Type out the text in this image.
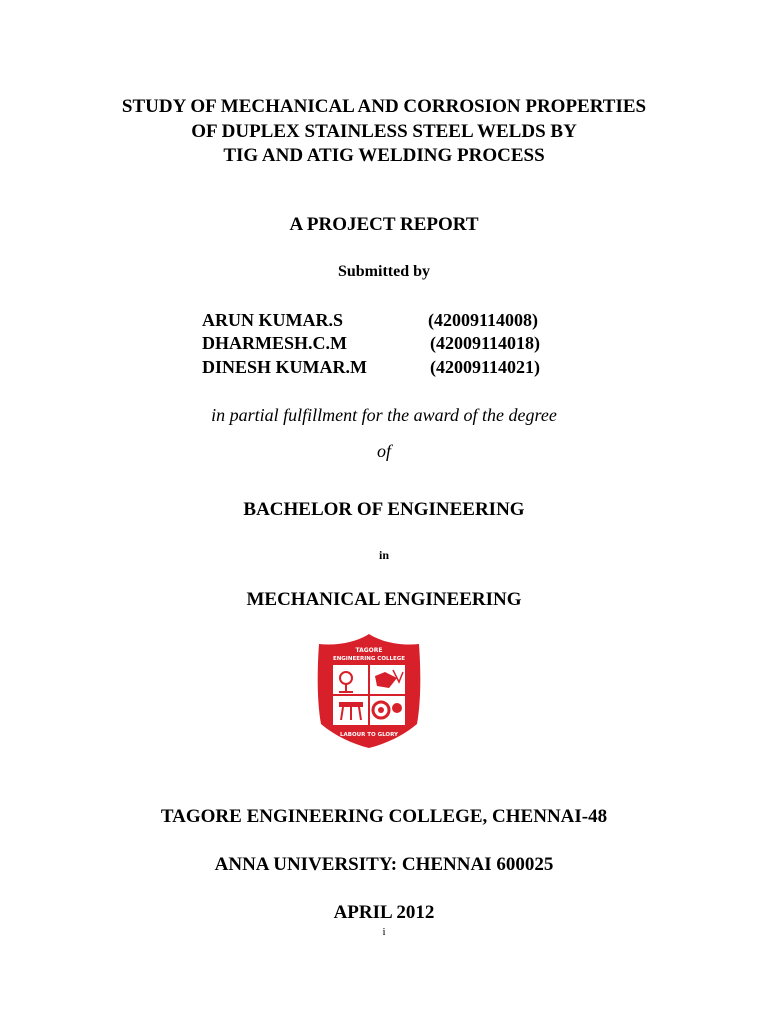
STUDY OF MECHANICAL AND CORROSION PROPERTIES
OF DUPLEX STAINLESS STEEL WELDS BY
TIG AND ATIG WELDING PROCESS
A PROJECT REPORT
Submitted by
ARUN KUMAR.S	(42009114008)
DHARMESH.C.M	(42009114018)
DINESH KUMAR.M	(42009114021)
in partial fulfillment for the award of the degree
of
BACHELOR OF ENGINEERING
in
MECHANICAL ENGINEERING
TAGORE
ENGINEERING COLLEGE
LABOUR TO GLORY
TAGORE ENGINEERING COLLEGE, CHENNAI-48
ANNA UNIVERSITY: CHENNAI 600025
APRIL 2012
i
